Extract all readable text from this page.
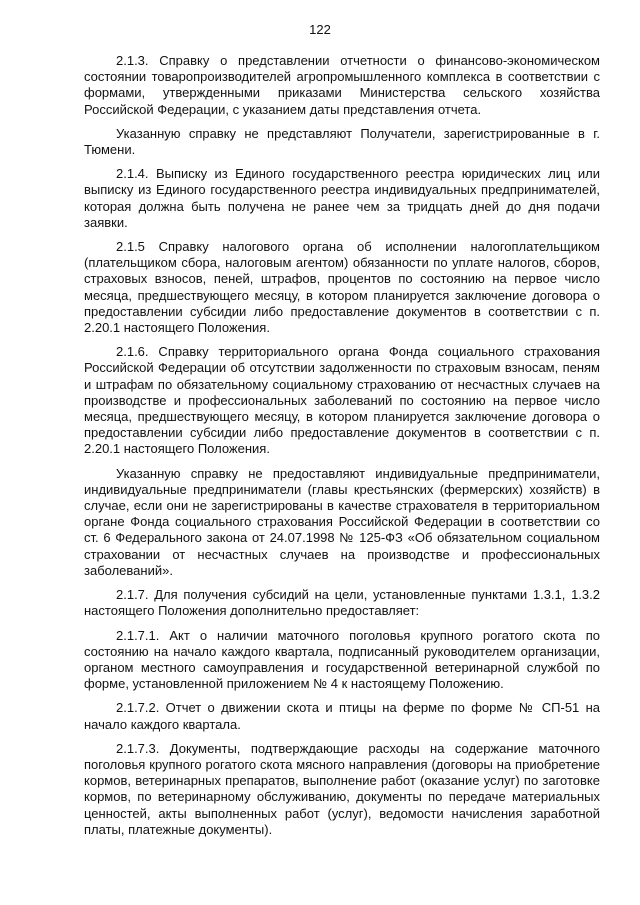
122

2.1.3. Справку о представлении отчетности о финансово-экономическом состоянии товаропроизводителей агропромышленного комплекса в соответствии с формами, утвержденными приказами Министерства сельского хозяйства Российской Федерации, с указанием даты представления отчета.

Указанную справку не представляют Получатели, зарегистрированные в г. Тюмени.

2.1.4. Выписку из Единого государственного реестра юридических лиц или выписку из Единого государственного реестра индивидуальных предпринимателей, которая должна быть получена не ранее чем за тридцать дней до дня подачи заявки.

2.1.5 Справку налогового органа об исполнении налогоплательщиком (плательщиком сбора, налоговым агентом) обязанности по уплате налогов, сборов, страховых взносов, пеней, штрафов, процентов по состоянию на первое число месяца, предшествующего месяцу, в котором планируется заключение договора о предоставлении субсидии либо предоставление документов в соответствии с п. 2.20.1 настоящего Положения.

2.1.6. Справку территориального органа Фонда социального страхования Российской Федерации об отсутствии задолженности по страховым взносам, пеням и штрафам по обязательному социальному страхованию от несчастных случаев на производстве и профессиональных заболеваний по состоянию на первое число месяца, предшествующего месяцу, в котором планируется заключение договора о предоставлении субсидии либо предоставление документов в соответствии с п. 2.20.1 настоящего Положения.

Указанную справку не предоставляют индивидуальные предприниматели, индивидуальные предприниматели (главы крестьянских (фермерских) хозяйств) в случае, если они не зарегистрированы в качестве страхователя в территориальном органе Фонда социального страхования Российской Федерации в соответствии со ст. 6 Федерального закона от 24.07.1998 № 125-ФЗ «Об обязательном социальном страховании от несчастных случаев на производстве и профессиональных заболеваний».

2.1.7. Для получения субсидий на цели, установленные пунктами 1.3.1, 1.3.2 настоящего Положения дополнительно предоставляет:

2.1.7.1. Акт о наличии маточного поголовья крупного рогатого скота по состоянию на начало каждого квартала, подписанный руководителем организации, органом местного самоуправления и государственной ветеринарной службой по форме, установленной приложением № 4 к настоящему Положению.

2.1.7.2. Отчет о движении скота и птицы на ферме по форме № СП-51 на начало каждого квартала.

2.1.7.3. Документы, подтверждающие расходы на содержание маточного поголовья крупного рогатого скота мясного направления (договоры на приобретение кормов, ветеринарных препаратов, выполнение работ (оказание услуг) по заготовке кормов, по ветеринарному обслуживанию, документы по передаче материальных ценностей, акты выполненных работ (услуг), ведомости начисления заработной платы, платежные документы).
